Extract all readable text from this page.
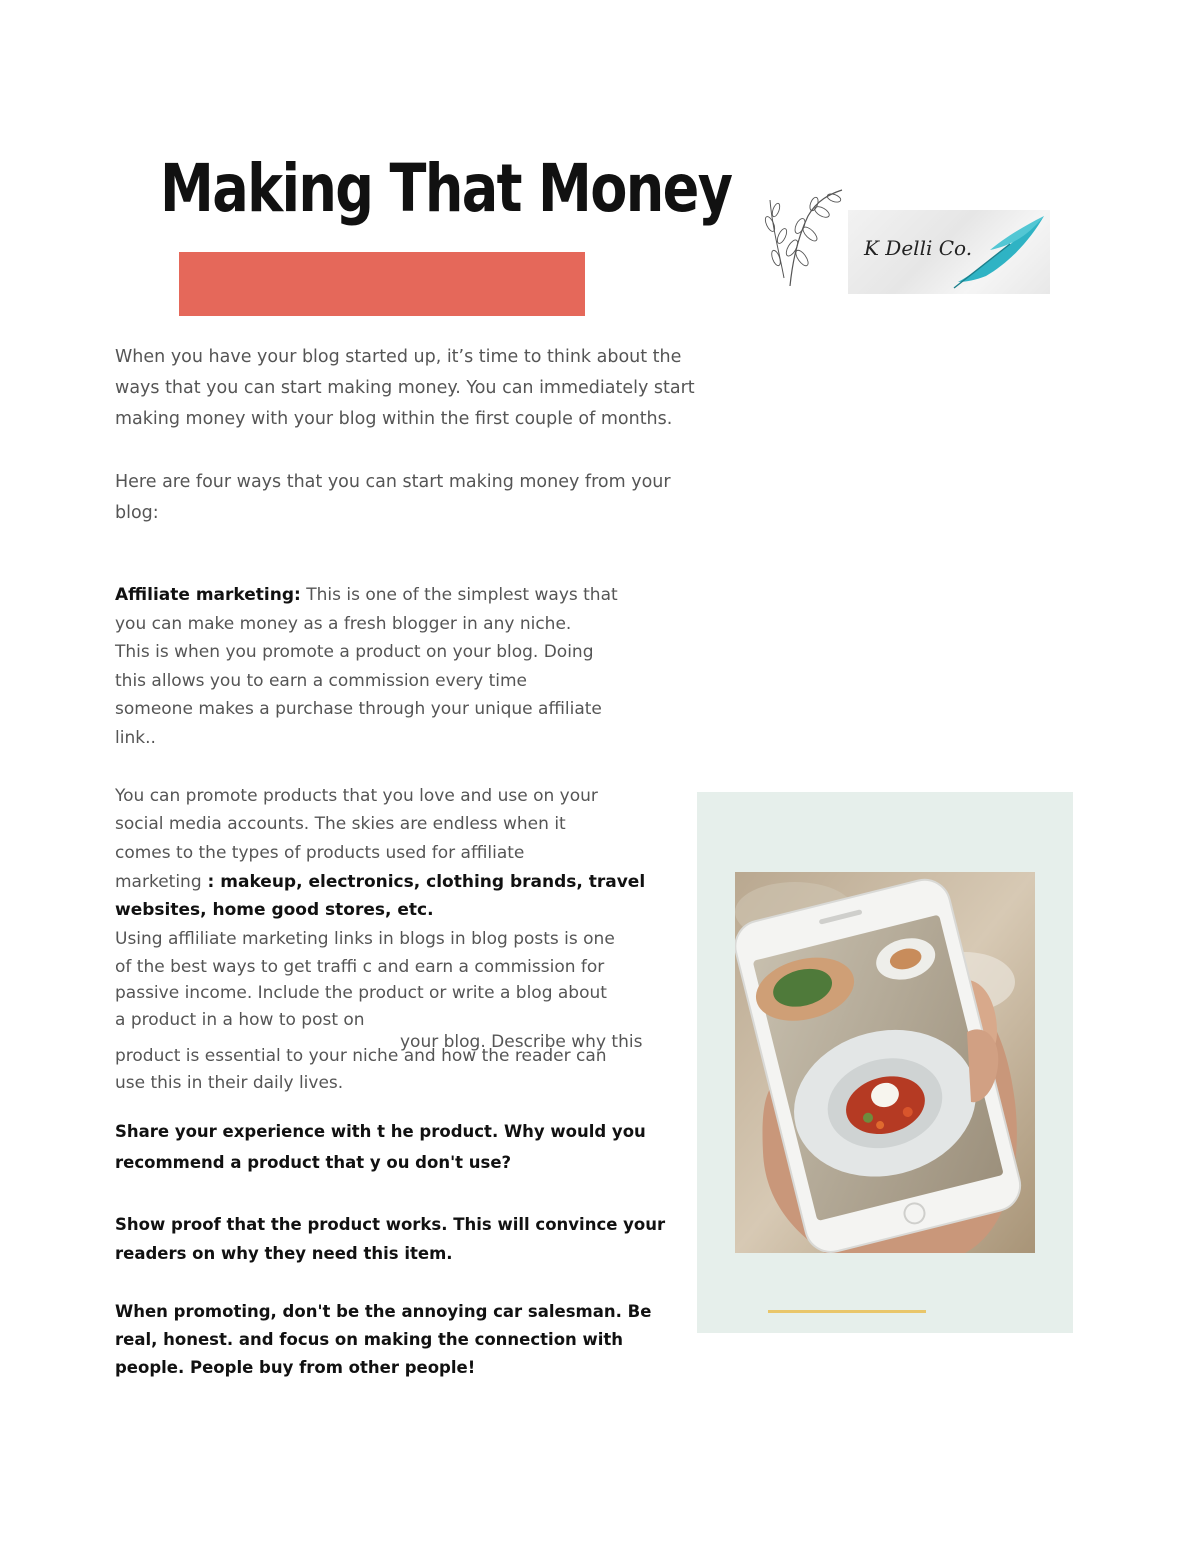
Making That Money
K Delli Co.
When you have your blog started up, it’s time to think about the
ways that you can start making money. You can immediately start
making money with your blog within the first couple of months.
Here are four ways that you can start making money from your
blog:
Affiliate marketing: This is one of the simplest ways that
you can make money as a fresh blogger in any niche.
This is when you promote a product on your blog. Doing
this allows you to earn a commission every time
someone makes a purchase through your unique affiliate
link..
You can promote products that you love and use on your
social media accounts. The skies are endless when it
comes to the types of products used for affiliate
marketing : makeup, electronics, clothing brands, travel
websites, home good stores, etc.
Using affliliate marketing links in blogs in blog posts is one
of the best ways to get traffi c and earn a commission for
passive income. Include the product or write a blog about
a product in a how to post on
your blog. Describe why this
product is essential to your niche and how the reader can
use this in their daily lives.
Share your experience with t he product. Why would you
recommend a product that y ou don't use?
Show proof that the product works. This will convince your
readers on why they need this item.
When promoting, don't be the annoying car salesman. Be
real, honest. and focus on making the connection with
people. People buy from other people!
